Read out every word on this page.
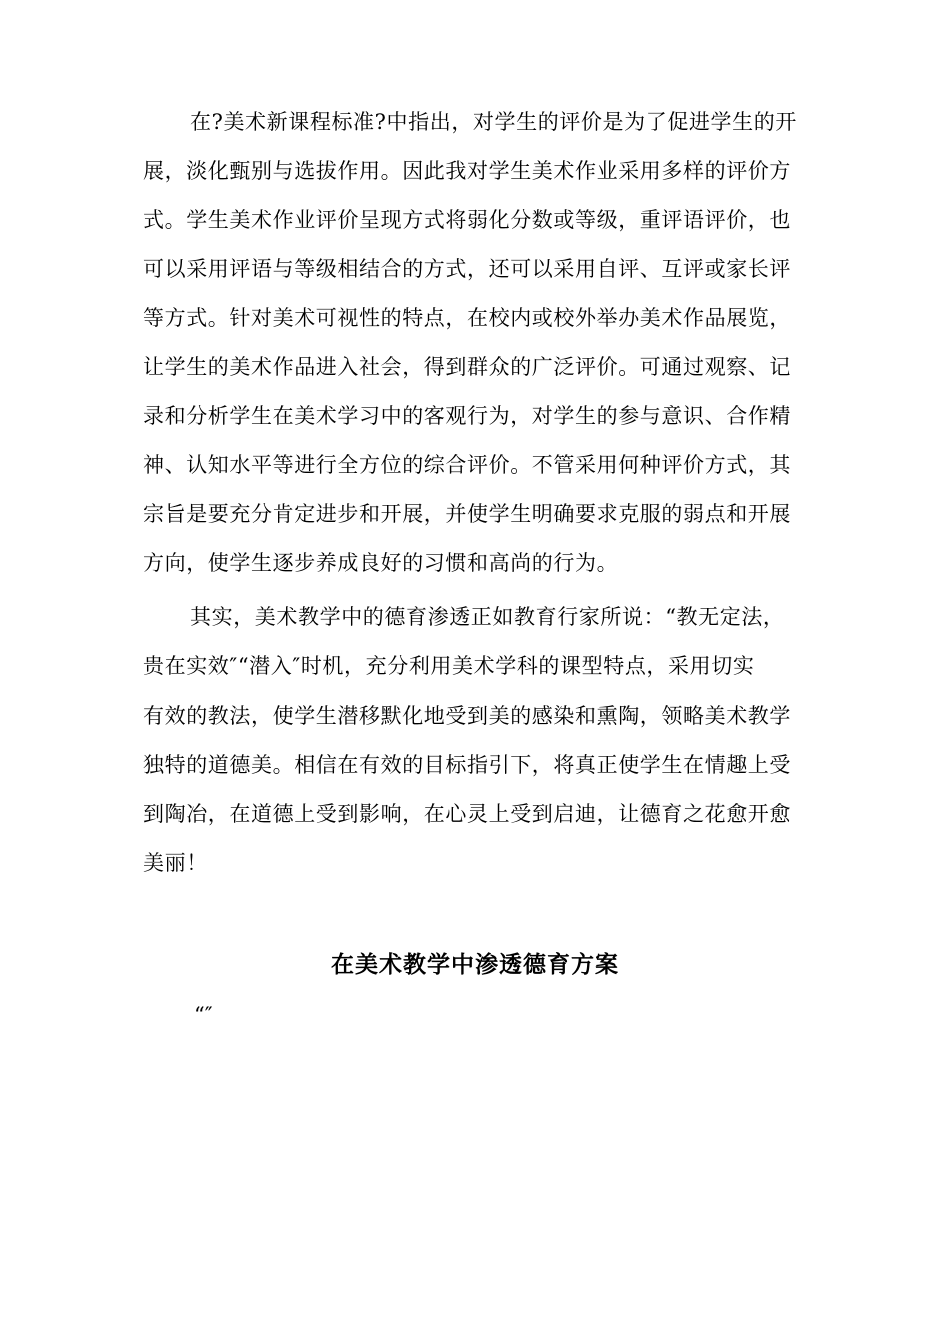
在?美术新课程标准?中指出，对学生的评价是为了促进学生的开
展，淡化甄别与选拔作用。因此我对学生美术作业采用多样的评价方
式。学生美术作业评价呈现方式将弱化分数或等级，重评语评价，也
可以采用评语与等级相结合的方式，还可以采用自评、互评或家长评
等方式。针对美术可视性的特点，在校内或校外举办美术作品展览，
让学生的美术作品进入社会，得到群众的广泛评价。可通过观察、记
录和分析学生在美术学习中的客观行为，对学生的参与意识、合作精
神、认知水平等进行全方位的综合评价。不管采用何种评价方式，其
宗旨是要充分肯定进步和开展，并使学生明确要求克服的弱点和开展
方向，使学生逐步养成良好的习惯和高尚的行为。
其实，美术教学中的德育渗透正如教育行家所说：“教无定法，
贵在实效″“潜入″时机，充分利用美术学科的课型特点，采用切实
有效的教法，使学生潜移默化地受到美的感染和熏陶，领略美术教学
独特的道德美。相信在有效的目标指引下，将真正使学生在情趣上受
到陶冶，在道德上受到影响，在心灵上受到启迪，让德育之花愈开愈
美丽！
在美术教学中渗透德育方案
“″
